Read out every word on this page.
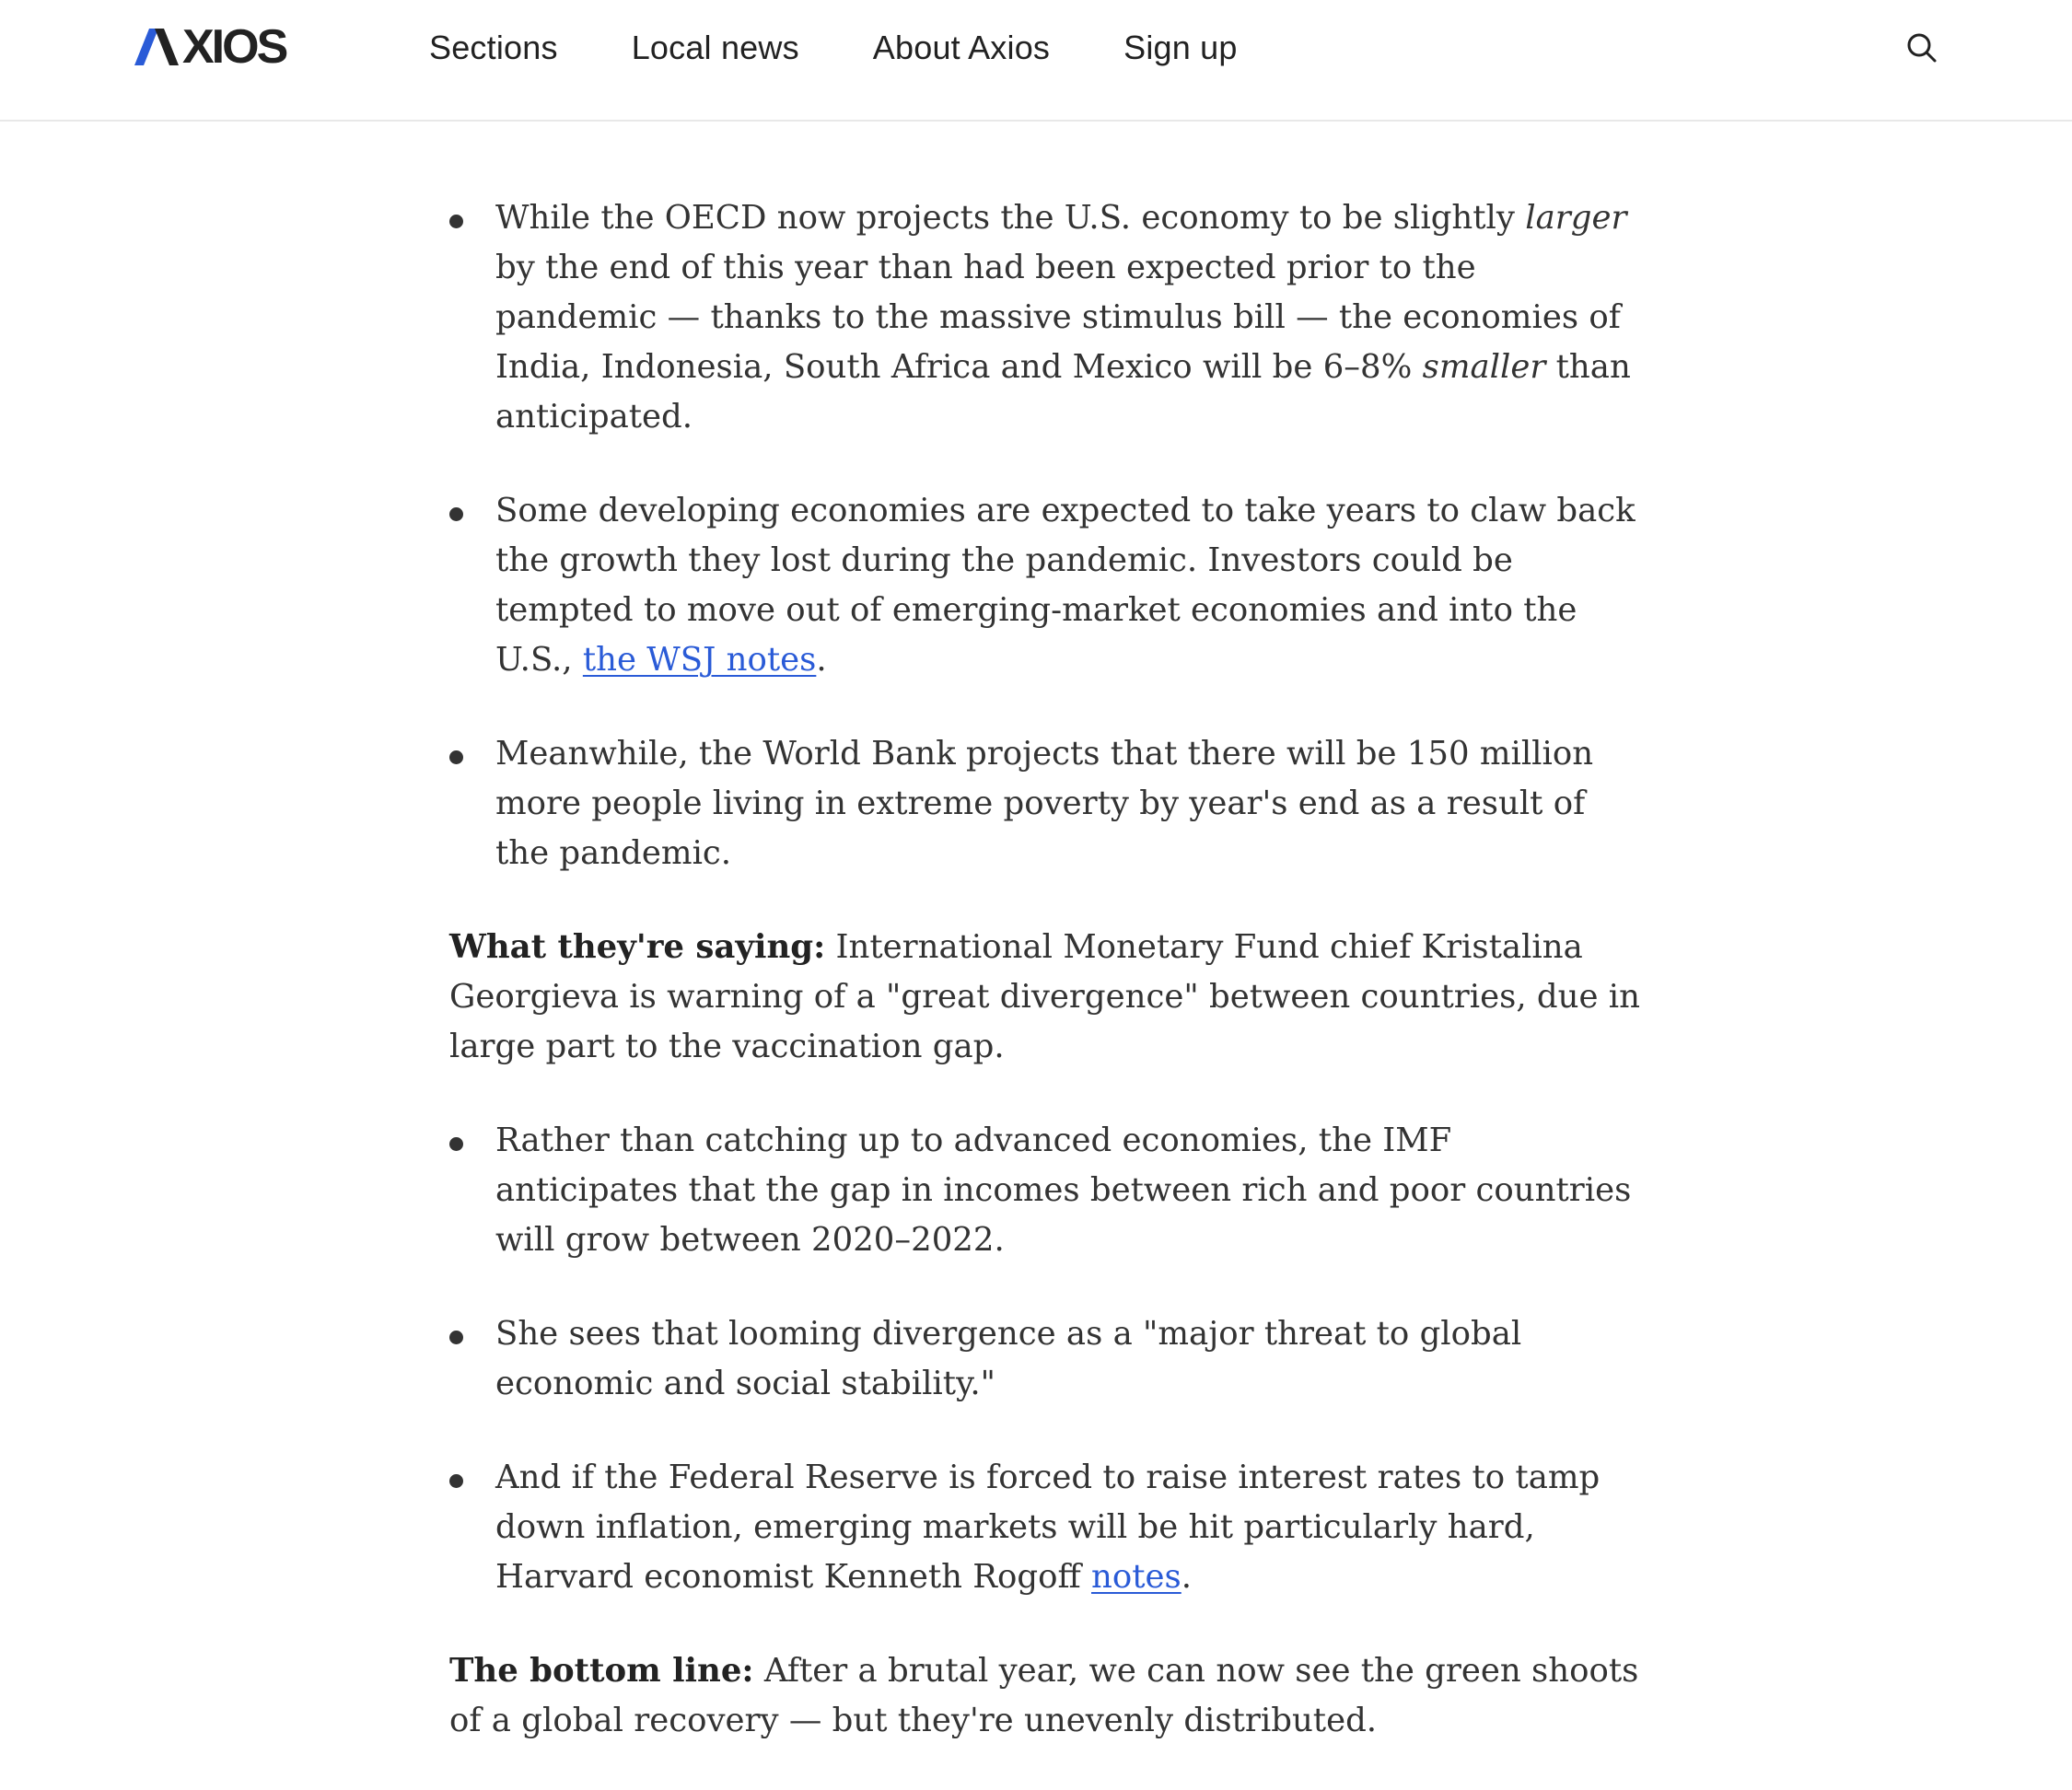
XIOS	Sections Local news About Axios Sign up
While the OECD now projects the U.S. economy to be slightly larger by the end of this year than had been expected prior to the pandemic — thanks to the massive stimulus bill — the economies of India, Indonesia, South Africa and Mexico will be 6–8% smaller than anticipated.
Some developing economies are expected to take years to claw back the growth they lost during the pandemic. Investors could be tempted to move out of emerging-market economies and into the U.S., the WSJ notes.
Meanwhile, the World Bank projects that there will be 150 million more people living in extreme poverty by year's end as a result of the pandemic.

What they're saying: International Monetary Fund chief Kristalina Georgieva is warning of a "great divergence" between countries, due in large part to the vaccination gap.

Rather than catching up to advanced economies, the IMF anticipates that the gap in incomes between rich and poor countries will grow between 2020–2022.
She sees that looming divergence as a "major threat to global economic and social stability."
And if the Federal Reserve is forced to raise interest rates to tamp down inflation, emerging markets will be hit particularly hard, Harvard economist Kenneth Rogoff notes.

The bottom line: After a brutal year, we can now see the green shoots of a global recovery — but they're unevenly distributed.
